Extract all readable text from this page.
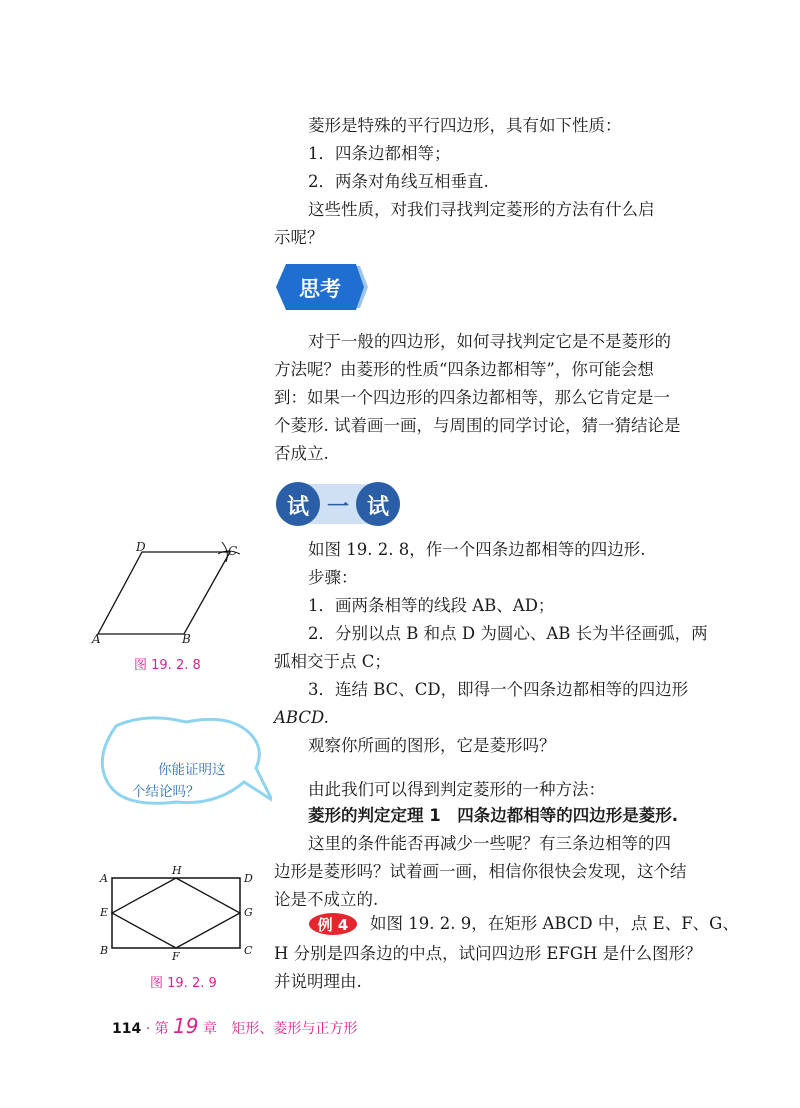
菱形是特殊的平行四边形，具有如下性质：
1．四条边都相等；
2．两条对角线互相垂直.
这些性质，对我们寻找判定菱形的方法有什么启
示呢？
思考
对于一般的四边形，如何寻找判定它是不是菱形的
方法呢？由菱形的性质“四条边都相等”，你可能会想
到：如果一个四边形的四条边都相等，那么它肯定是一
个菱形. 试着画一画，与周围的同学讨论，猜一猜结论是
否成立.
试 一 试
如图 19. 2. 8，作一个四条边都相等的四边形.
步骤：
1．画两条相等的线段 AB、AD；
2．分别以点 B 和点 D 为圆心、AB 长为半径画弧，两
弧相交于点 C；
3．连结 BC、CD，即得一个四条边都相等的四边形
ABCD.
观察你所画的图形，它是菱形吗？
由此我们可以得到判定菱形的一种方法：
菱形的判定定理 1　四条边都相等的四边形是菱形.
这里的条件能否再减少一些呢？有三条边相等的四
边形是菱形吗？试着画一画，相信你很快会发现，这个结
论是不成立的.
例 4	如图 19. 2. 9，在矩形 ABCD 中，点 E、F、G、
H 分别是四条边的中点，试问四边形 EFGH 是什么图形？
并说明理由.
D	C
A	B
图 19. 2. 8
你能证明这
个结论吗？
A
H
D
E	G
B	F	C
图 19. 2. 9
114 · 第 19 章 矩形、菱形与正方形
